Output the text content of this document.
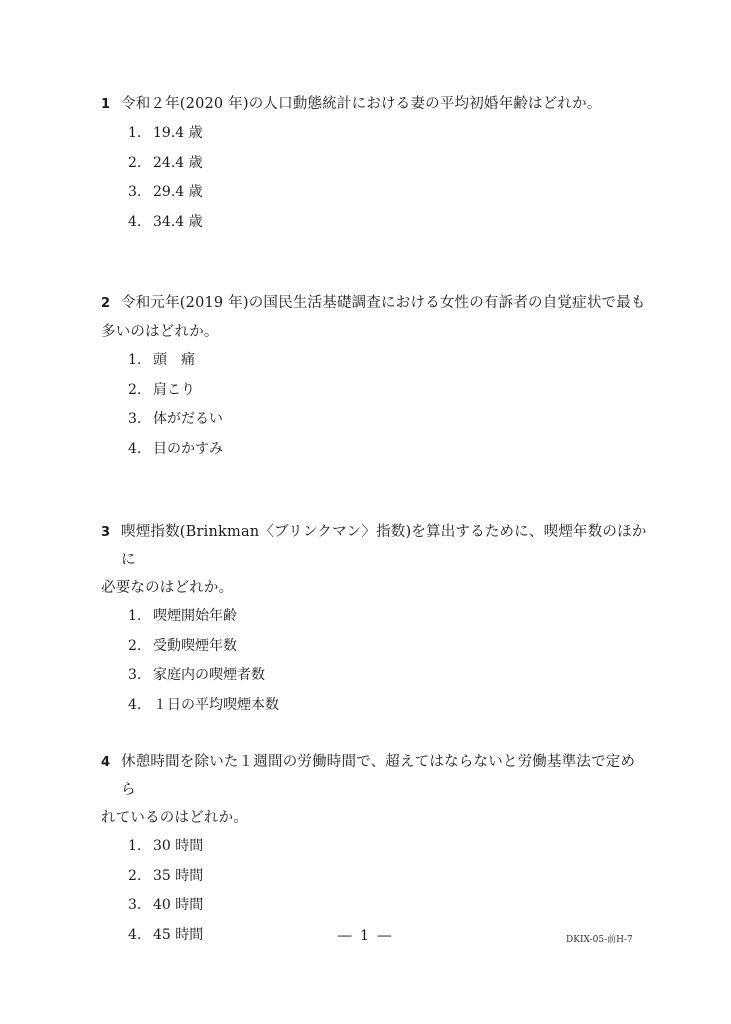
1 令和２年(2020 年)の人口動態統計における妻の平均初婚年齢はどれか。
1. 19.4 歳
2. 24.4 歳
3. 29.4 歳
4. 34.4 歳
2 令和元年(2019 年)の国民生活基礎調査における女性の有訴者の自覚症状で最も
多いのはどれか。
1. 頭　痛
2. 肩こり
3. 体がだるい
4. 目のかすみ
3 喫煙指数(Brinkman〈ブリンクマン〉指数)を算出するために、喫煙年数のほかに
必要なのはどれか。
1. 喫煙開始年齢
2. 受動喫煙年数
3. 家庭内の喫煙者数
4. １日の平均喫煙本数
4 休憩時間を除いた１週間の労働時間で、超えてはならないと労働基準法で定めら
れているのはどれか。
1. 30 時間
2. 35 時間
3. 40 時間
4. 45 時間	― 1 ―	DKIX-05-前H-7
